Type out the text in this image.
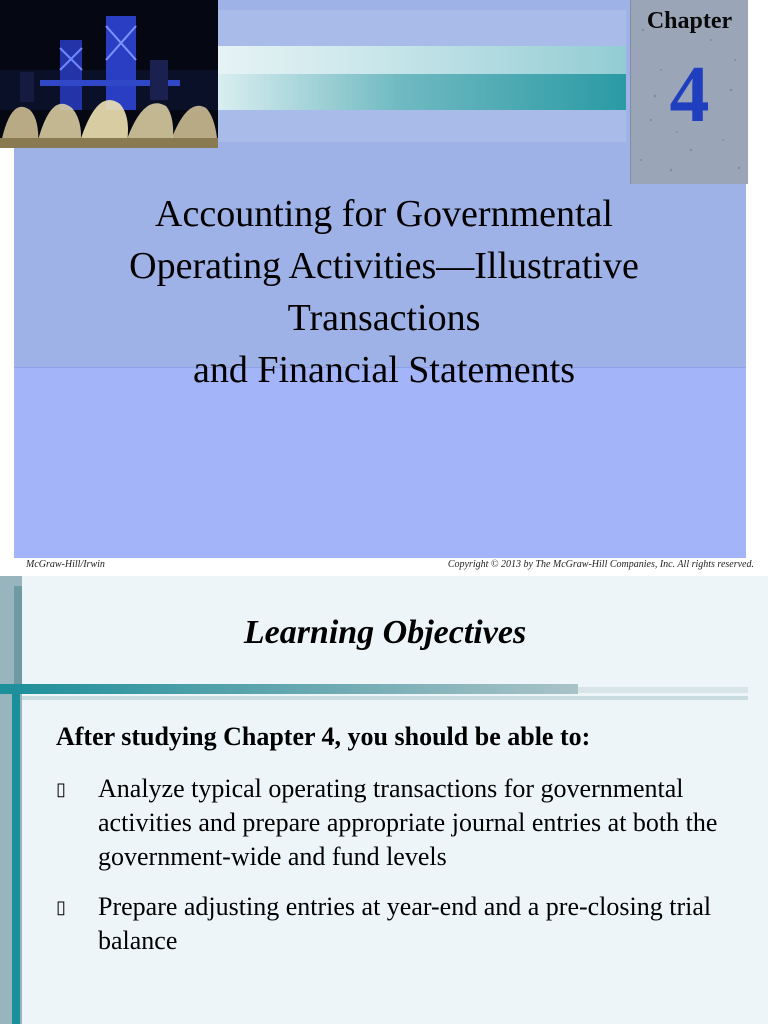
Chapter
4
Accounting for Governmental
Operating Activities—Illustrative
Transactions
and Financial Statements
McGraw-Hill/Irwin	Copyright © 2013 by The McGraw-Hill Companies, Inc. All rights reserved.
Learning Objectives
After studying Chapter 4, you should be able to:
▯ Analyze typical operating transactions for governmental activities and prepare appropriate journal entries at both the government-wide and fund levels
▯ Prepare adjusting entries at year-end and a pre-closing trial balance
